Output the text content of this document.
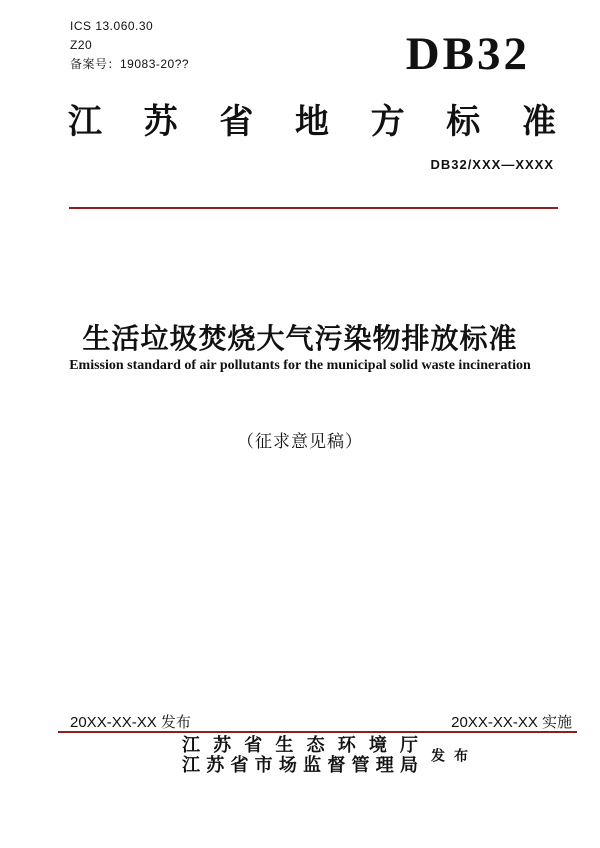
ICS 13.060.30
Z20
备案号：19083-20??	DB32
江 苏 省 地 方 标 准
DB32/XXX—XXXX
生活垃圾焚烧大气污染物排放标准
Emission standard of air pollutants for the municipal solid waste incineration
（征求意见稿）
20XX-XX-XX 发布	20XX-XX-XX 实施
江 苏 省 生 态 环 境 厅
江 苏 省 市 场 监 督 管 理 局 发 布
